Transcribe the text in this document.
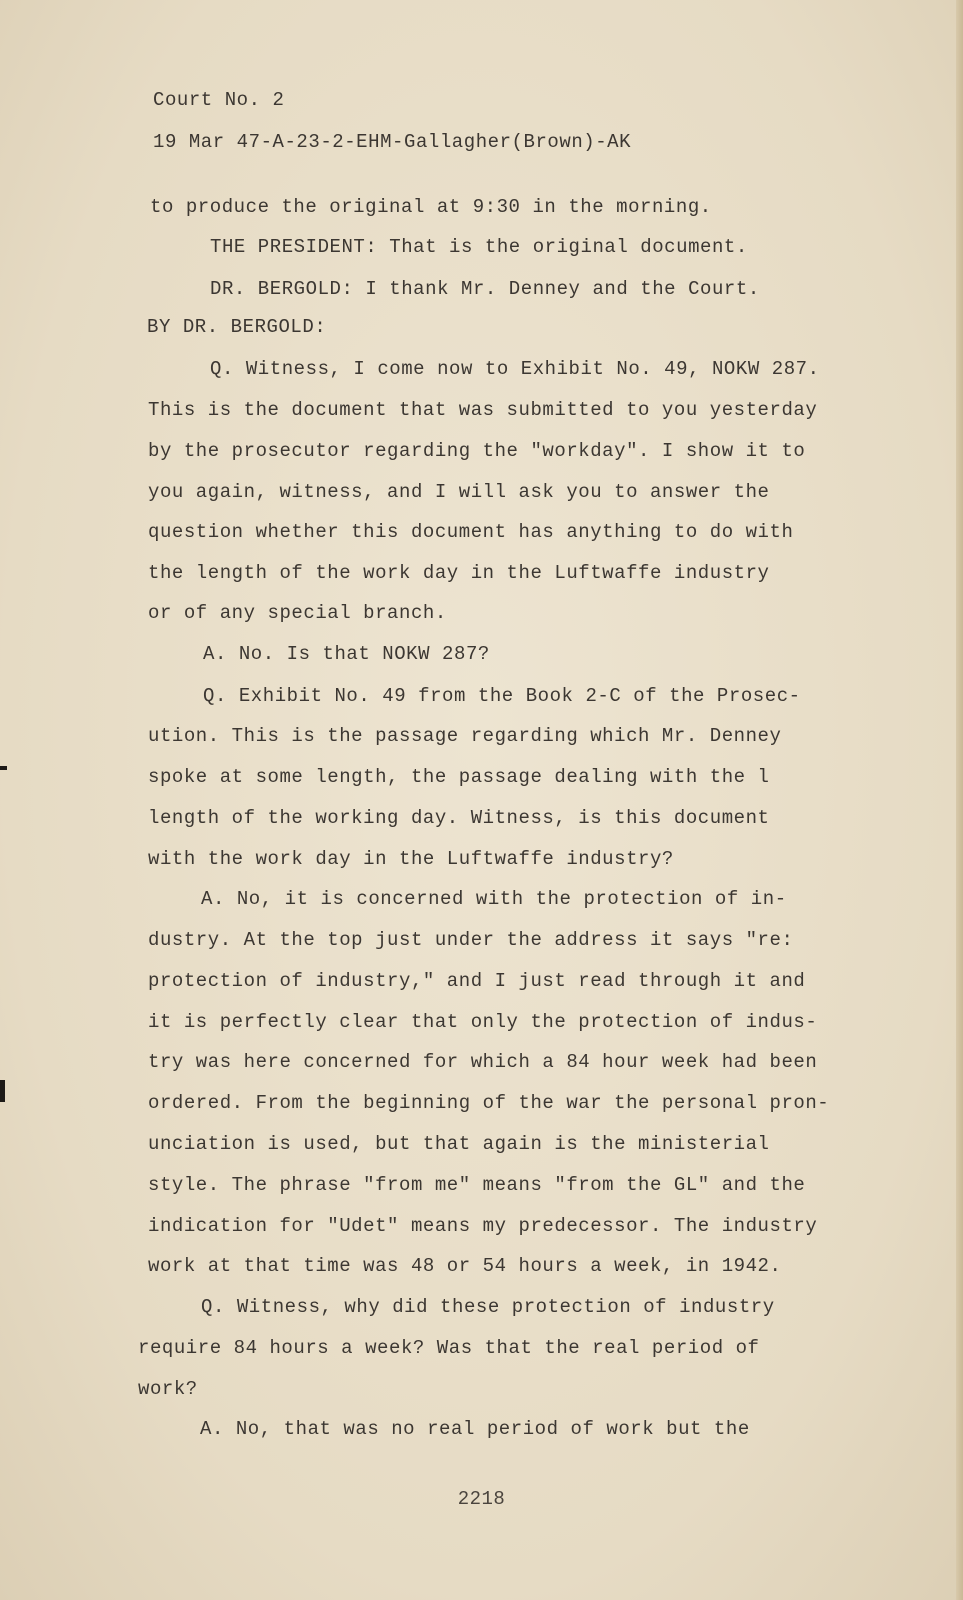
Court No. 2
19 Mar 47-A-23-2-EHM-Gallagher(Brown)-AK
to produce the original at 9:30 in the morning.
THE PRESIDENT: That is the original document.
DR. BERGOLD: I thank Mr. Denney and the Court.
BY DR. BERGOLD:
Q. Witness, I come now to Exhibit No. 49, NOKW 287.
This is the document that was submitted to you yesterday
by the prosecutor regarding the "workday". I show it to
you again, witness, and I will ask you to answer the
question whether this document has anything to do with
the length of the work day in the Luftwaffe industry
or of any special branch.
A. No. Is that NOKW 287?
Q. Exhibit No. 49 from the Book 2-C of the Prosec-
ution. This is the passage regarding which Mr. Denney
spoke at some length, the passage dealing with the l
length of the working day. Witness, is this document
with the work day in the Luftwaffe industry?
A. No, it is concerned with the protection of in-
dustry. At the top just under the address it says "re:
protection of industry," and I just read through it and
it is perfectly clear that only the protection of indus-
try was here concerned for which a 84 hour week had been
ordered. From the beginning of the war the personal pron-
unciation is used, but that again is the ministerial
style. The phrase "from me" means "from the GL" and the
indication for "Udet" means my predecessor. The industry
work at that time was 48 or 54 hours a week, in 1942.
Q. Witness, why did these protection of industry
require 84 hours a week? Was that the real period of
work?
A. No, that was no real period of work but the
2218
